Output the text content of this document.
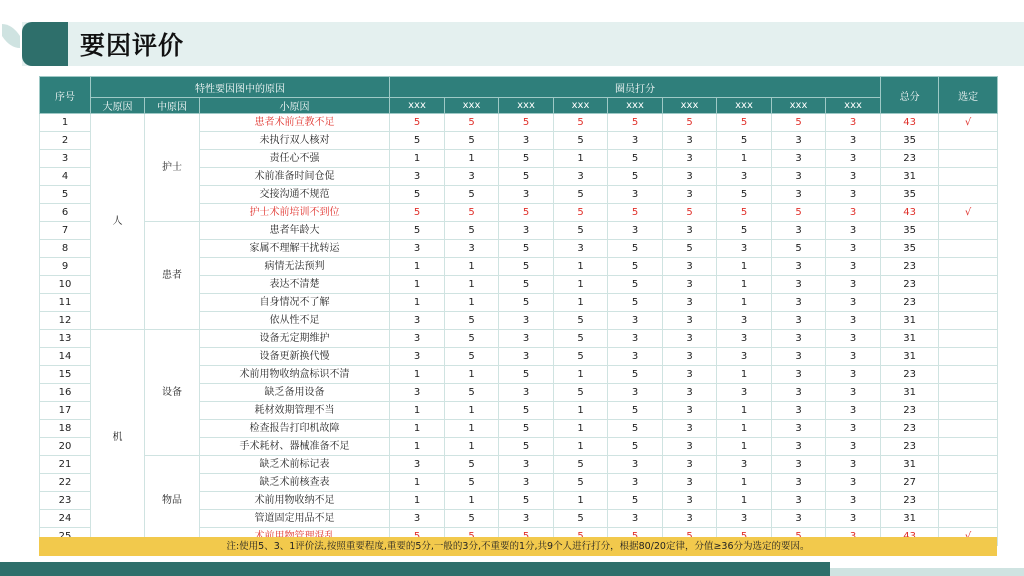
要因评价
序号	特性要因图中的原因			圈员打分									总分	选定
	大原因	中原因	小原因	xxx	xxx	xxx	xxx	xxx	xxx	xxx	xxx	xxx		
1	人	护士	患者术前宣教不足	5	5	5	5	5	5	5	5	3	43	√
2			未执行双人核对	5	5	3	5	3	3	5	3	3	35	
3			责任心不强	1	1	5	1	5	3	1	3	3	23	
4			术前准备时间仓促	3	3	5	3	5	3	3	3	3	31	
5			交接沟通不规范	5	5	3	5	3	3	5	3	3	35	
6			护士术前培训不到位	5	5	5	5	5	5	5	5	3	43	√
7		患者	患者年龄大	5	5	3	5	3	3	5	3	3	35	
8			家属不理解干扰转运	3	3	5	3	5	5	3	5	3	35	
9			病情无法预判	1	1	5	1	5	3	1	3	3	23	
10			表达不清楚	1	1	5	1	5	3	1	3	3	23	
11			自身情况不了解	1	1	5	1	5	3	1	3	3	23	
12			依从性不足	3	5	3	5	3	3	3	3	3	31	
13	机	设备	设备无定期维护	3	5	3	5	3	3	3	3	3	31	
14			设备更新换代慢	3	5	3	5	3	3	3	3	3	31	
15			术前用物收纳盒标识不清	1	1	5	1	5	3	1	3	3	23	
16			缺乏备用设备	3	5	3	5	3	3	3	3	3	31	
17			耗材效期管理不当	1	1	5	1	5	3	1	3	3	23	
18			检查报告打印机故障	1	1	5	1	5	3	1	3	3	23	
20			手术耗材、器械准备不足	1	1	5	1	5	3	1	3	3	23	
21		物品	缺乏术前标记表	3	5	3	5	3	3	3	3	3	31	
22			缺乏术前核查表	1	5	3	5	3	3	1	3	3	27	
23			术前用物收纳不足	1	1	5	1	5	3	1	3	3	23	
24			管道固定用品不足	3	5	3	5	3	3	3	3	3	31	

注:使用5、3、1评价法,按照重要程度,重要的5分,一般的3分,不重要的1分,共9个人进行打分，根据80/20定律，分值≥36分为选定的要因。
